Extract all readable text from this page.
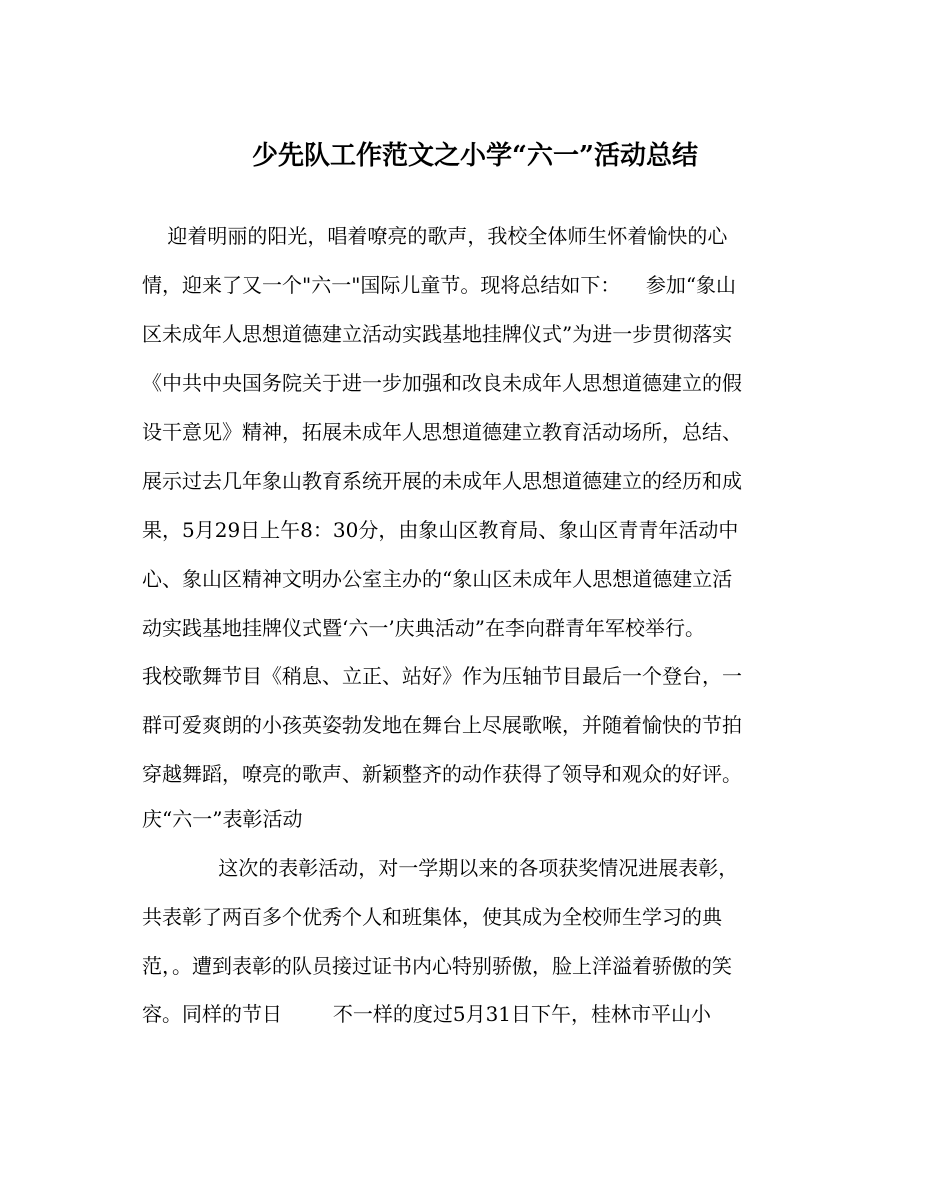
少先队工作范文之小学“六一”活动总结
迎着明丽的阳光，唱着嘹亮的歌声，我校全体师生怀着愉快的心
情，迎来了又一个"六一"国际儿童节。现将总结如下：    参加“象山
区未成年人思想道德建立活动实践基地挂牌仪式”为进一步贯彻落实
《中共中央国务院关于进一步加强和改良未成年人思想道德建立的假
设干意见》精神，拓展未成年人思想道德建立教育活动场所，总结、
展示过去几年象山教育系统开展的未成年人思想道德建立的经历和成
果，5月29日上午8：30分，由象山区教育局、象山区青青年活动中
心、象山区精神文明办公室主办的“象山区未成年人思想道德建立活
动实践基地挂牌仪式暨‘六一’庆典活动”在李向群青年军校举行。
我校歌舞节目《稍息、立正、站好》作为压轴节目最后一个登台，一
群可爱爽朗的小孩英姿勃发地在舞台上尽展歌喉，并随着愉快的节拍
穿越舞蹈，嘹亮的歌声、新颖整齐的动作获得了领导和观众的好评。
庆“六一”表彰活动
这次的表彰活动，对一学期以来的各项获奖情况进展表彰，
共表彰了两百多个优秀个人和班集体，使其成为全校师生学习的典
范，。遭到表彰的队员接过证书内心特别骄傲，脸上洋溢着骄傲的笑
容。同样的节日        不一样的度过5月31日下午，桂林市平山小
